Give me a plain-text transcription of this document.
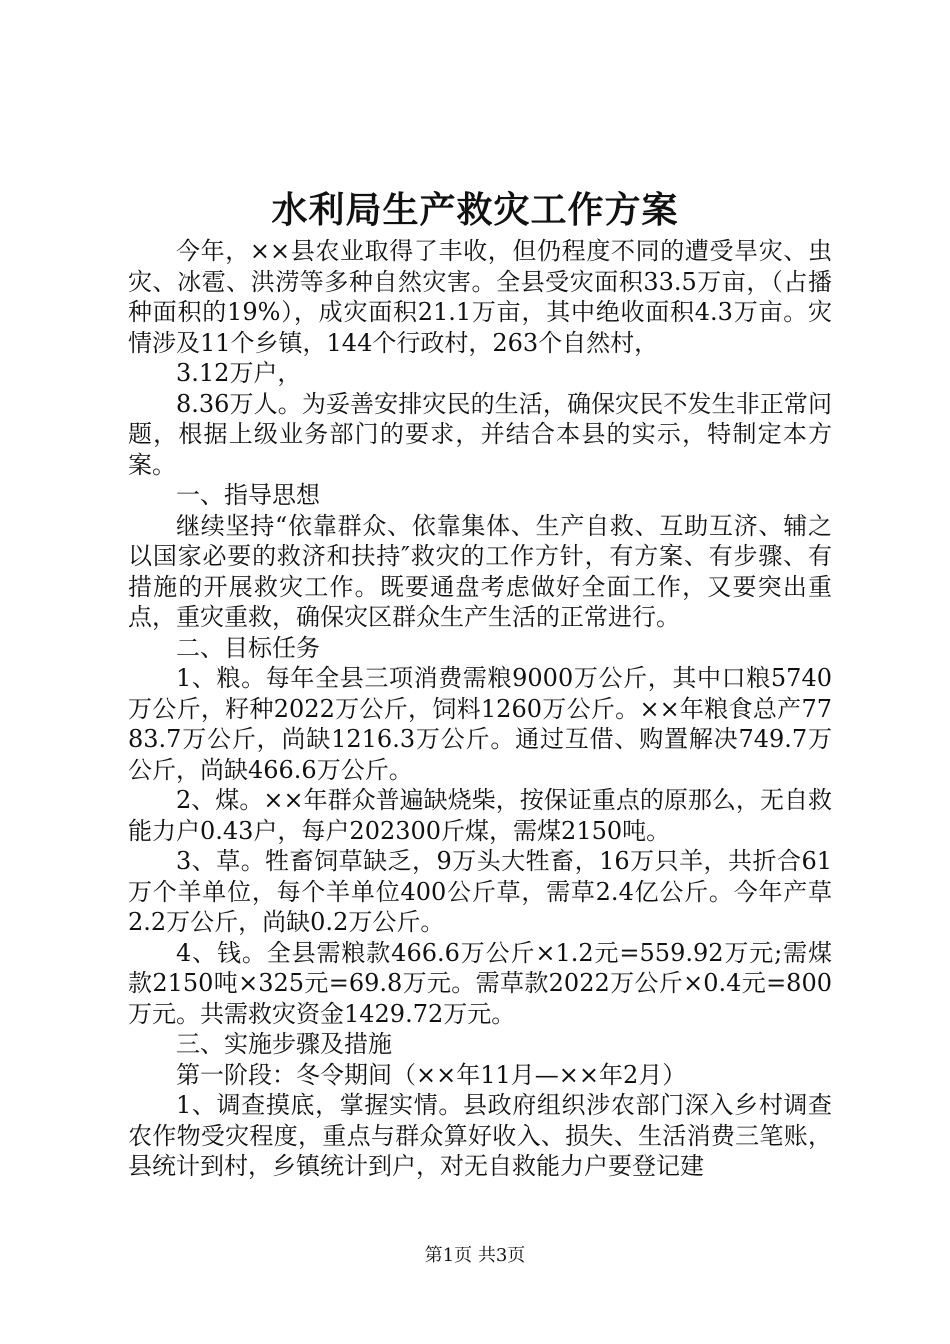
水利局生产救灾工作方案

今年，××县农业取得了丰收，但仍程度不同的遭受旱灾、虫灾、冰雹、洪涝等多种自然灾害。全县受灾面积33.5万亩，（占播种面积的19%），成灾面积21.1万亩，其中绝收面积4.3万亩。灾情涉及11个乡镇，144个行政村，263个自然村，

3.12万户，

8.36万人。为妥善安排灾民的生活，确保灾民不发生非正常问题，根据上级业务部门的要求，并结合本县的实示，特制定本方案。

一、指导思想

继续坚持“依靠群众、依靠集体、生产自救、互助互济、辅之以国家必要的救济和扶持″救灾的工作方针，有方案、有步骤、有措施的开展救灾工作。既要通盘考虑做好全面工作，又要突出重点，重灾重救，确保灾区群众生产生活的正常进行。

二、目标任务

1、粮。每年全县三项消费需粮9000万公斤，其中口粮5740万公斤，籽种2022万公斤，饲料1260万公斤。××年粮食总产7783.7万公斤，尚缺1216.3万公斤。通过互借、购置解决749.7万公斤，尚缺466.6万公斤。

2、煤。××年群众普遍缺烧柴，按保证重点的原那么，无自救能力户0.43户，每户202300斤煤，需煤2150吨。

3、草。牲畜饲草缺乏，9万头大牲畜，16万只羊，共折合61万个羊单位，每个羊单位400公斤草，需草2.4亿公斤。今年产草2.2万公斤，尚缺0.2万公斤。

4、钱。全县需粮款466.6万公斤×1.2元=559.92万元;需煤款2150吨×325元=69.8万元。需草款2022万公斤×0.4元=800万元。共需救灾资金1429.72万元。

三、实施步骤及措施

第一阶段：冬令期间（××年11月—××年2月）

1、调查摸底，掌握实情。县政府组织涉农部门深入乡村调查农作物受灾程度，重点与群众算好收入、损失、生活消费三笔账，县统计到村，乡镇统计到户，对无自救能力户要登记建

第1页 共3页
